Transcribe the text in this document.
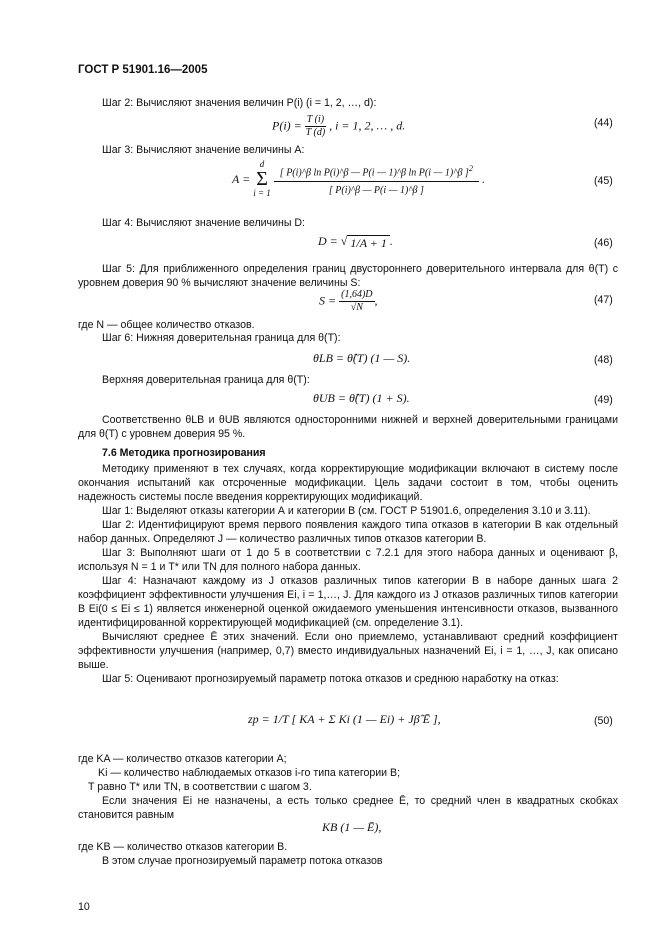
ГОСТ Р 51901.16—2005
Шаг 2: Вычисляют значения величин P(i) (i = 1, 2, …, d):
$P(i) = \frac{T (i)}{T (d)}$ , i = 1, 2, … , d.	(44)
Шаг 3: Вычисляют значение величины A:
A = d
Σ
$i = 1 \frac{[ P(i)\^{}\beta \ln P(i)\^{}\beta — P(i — 1)\^{}\beta \ln P(i — 1)\^{}\beta ]^2}{[ P(i)\^{}\beta — P(i — 1)\^{}\beta ]}$ .	(45)
Шаг 4: Вычисляют значение величины D:
D = √ 1/A + 1 .	(46)
Шаг 5: Для приближенного определения границ двустороннего доверительного интервала для θ(T) с уровнем доверия 90 % вычисляют значение величины S:
$S = \frac{(1,64)D}{√N}$ ,	(47)
где N — общее количество отказов.
Шаг 6: Нижняя доверительная граница для θ(T):
θLB = θ̂(T) (1 — S).	(48)
Верхняя доверительная граница для θ(T):
θUB = θ̂(T) (1 + S).	(49)
Соответственно θLB и θUB являются односторонними нижней и верхней доверительными границами для θ(T) с уровнем доверия 95 %.
7.6 Методика прогнозирования
Методику применяют в тех случаях, когда корректирующие модификации включают в систему после окончания испытаний как отсроченные модификации. Цель задачи состоит в том, чтобы оценить надежность системы после введения корректирующих модификаций.
Шаг 1: Выделяют отказы категории А и категории В (см. ГОСТ Р 51901.6, определения 3.10 и 3.11).
Шаг 2: Идентифицируют время первого появления каждого типа отказов в категории В как отдельный набор данных. Определяют J — количество различных типов отказов категории В.
Шаг 3: Выполняют шаги от 1 до 5 в соответствии с 7.2.1 для этого набора данных и оценивают β, используя N = 1 и T* или TN для полного набора данных.
Шаг 4: Назначают каждому из J отказов различных типов категории В в наборе данных шага 2 коэффициент эффективности улучшения Ei, i = 1,…, J. Для каждого из J отказов различных типов категории В Ei(0 ≤ Ei ≤ 1) является инженерной оценкой ожидаемого уменьшения интенсивности отказов, вызванного идентифицированной корректирующей модификацией (см. определение 3.1).
Вычисляют среднее Ē этих значений. Если оно приемлемо, устанавливают средний коэффициент эффективности улучшения (например, 0,7) вместо индивидуальных назначений Ei, i = 1, …, J, как описано выше.
Шаг 5: Оценивают прогнозируемый параметр потока отказов и среднюю наработку на отказ:
zp = 1/T [ KA + Σ Ki (1 — Ei) + Jβ̂ Ē ],	(50)
где KA — количество отказов категории А;
Ki — количество наблюдаемых отказов i-го типа категории В;
T равно T* или TN, в соответствии с шагом 3.
Если значения Ei не назначены, а есть только среднее Ē, то средний член в квадратных скобках становится равным
KB (1 — Ē),
где KB — количество отказов категории В.
В этом случае прогнозируемый параметр потока отказов
10
